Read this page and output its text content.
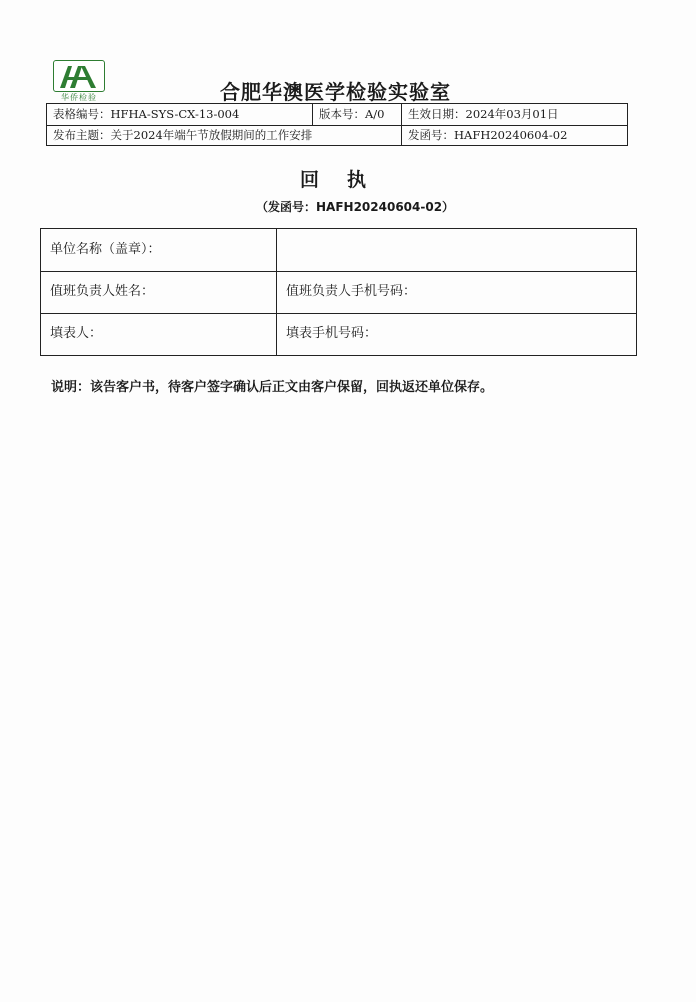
华侨检验	合肥华澳医学检验实验室
表格编号：HFHA-SYS-CX-13-004	版本号：A/0	生效日期：2024年03月01日
发布主题：关于2024年端午节放假期间的工作安排	发函号：HAFH20240604-02
回执
（发函号：HAFH20240604-02）
单位名称（盖章）：
值班负责人姓名：	值班负责人手机号码：
填表人：	填表手机号码：
说明：该告客户书，待客户签字确认后正文由客户保留，回执返还单位保存。
